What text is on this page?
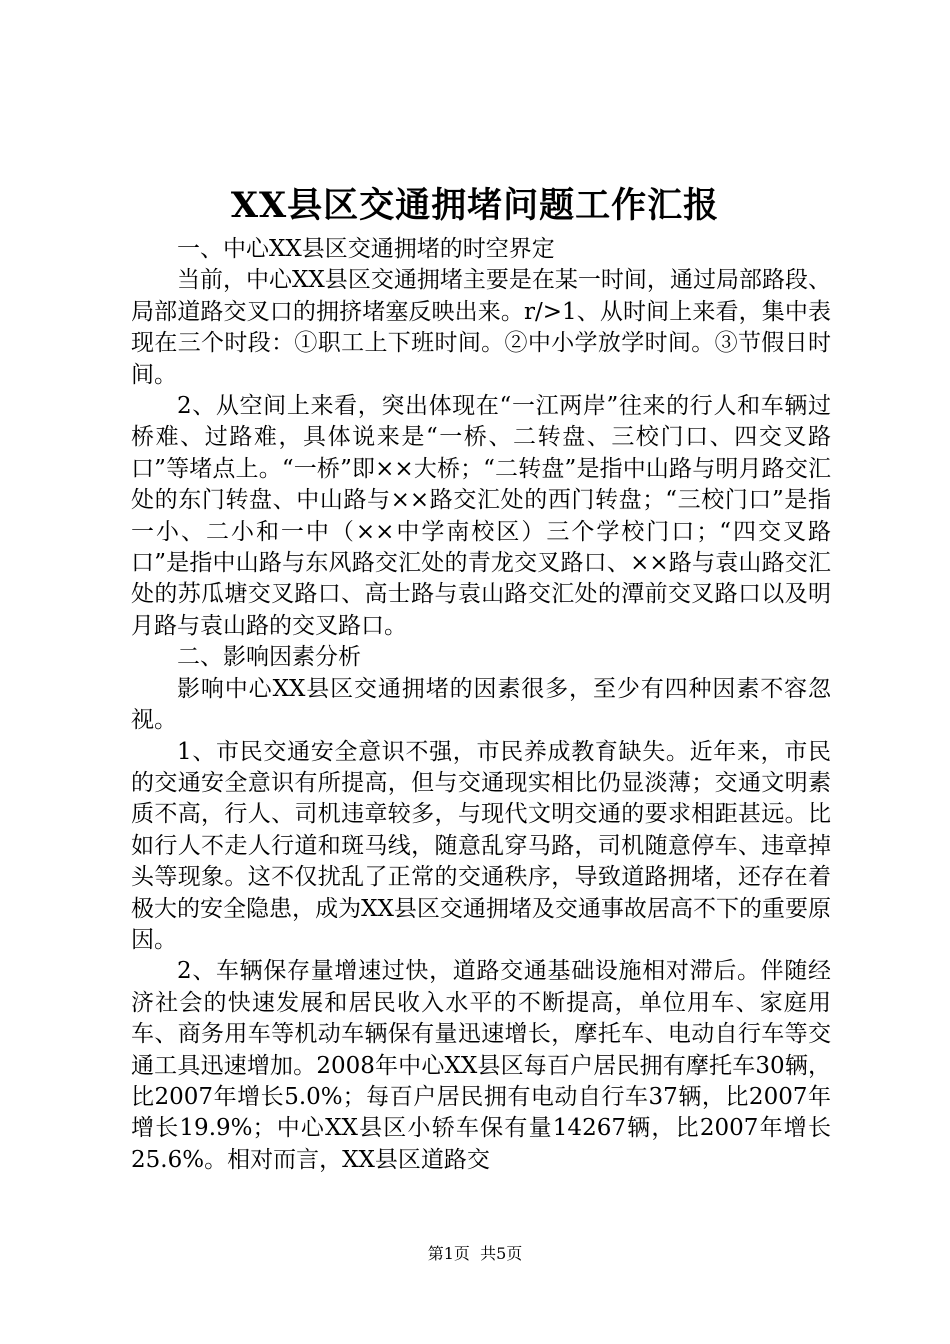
XX县区交通拥堵问题工作汇报

一、中心XX县区交通拥堵的时空界定

当前，中心XX县区交通拥堵主要是在某一时间，通过局部路段、局部道路交叉口的拥挤堵塞反映出来。r/>1、从时间上来看，集中表现在三个时段：①职工上下班时间。②中小学放学时间。③节假日时间。

2、从空间上来看，突出体现在“一江两岸”往来的行人和车辆过桥难、过路难，具体说来是“一桥、二转盘、三校门口、四交叉路口”等堵点上。“一桥”即××大桥；“二转盘”是指中山路与明月路交汇处的东门转盘、中山路与××路交汇处的西门转盘；“三校门口”是指一小、二小和一中（××中学南校区）三个学校门口；“四交叉路口”是指中山路与东风路交汇处的青龙交叉路口、××路与袁山路交汇处的苏瓜塘交叉路口、高士路与袁山路交汇处的潭前交叉路口以及明月路与袁山路的交叉路口。

二、影响因素分析

影响中心XX县区交通拥堵的因素很多，至少有四种因素不容忽视。

1、市民交通安全意识不强，市民养成教育缺失。近年来，市民的交通安全意识有所提高，但与交通现实相比仍显淡薄；交通文明素质不高，行人、司机违章较多，与现代文明交通的要求相距甚远。比如行人不走人行道和斑马线，随意乱穿马路，司机随意停车、违章掉头等现象。这不仅扰乱了正常的交通秩序，导致道路拥堵，还存在着极大的安全隐患，成为XX县区交通拥堵及交通事故居高不下的重要原因。

2、车辆保存量增速过快，道路交通基础设施相对滞后。伴随经济社会的快速发展和居民收入水平的不断提高，单位用车、家庭用车、商务用车等机动车辆保有量迅速增长，摩托车、电动自行车等交通工具迅速增加。2008年中心XX县区每百户居民拥有摩托车30辆，比2007年增长5.0%；每百户居民拥有电动自行车37辆，比2007年增长19.9%；中心XX县区小轿车保有量14267辆，比2007年增长25.6%。相对而言，XX县区道路交

第1页  共5页
